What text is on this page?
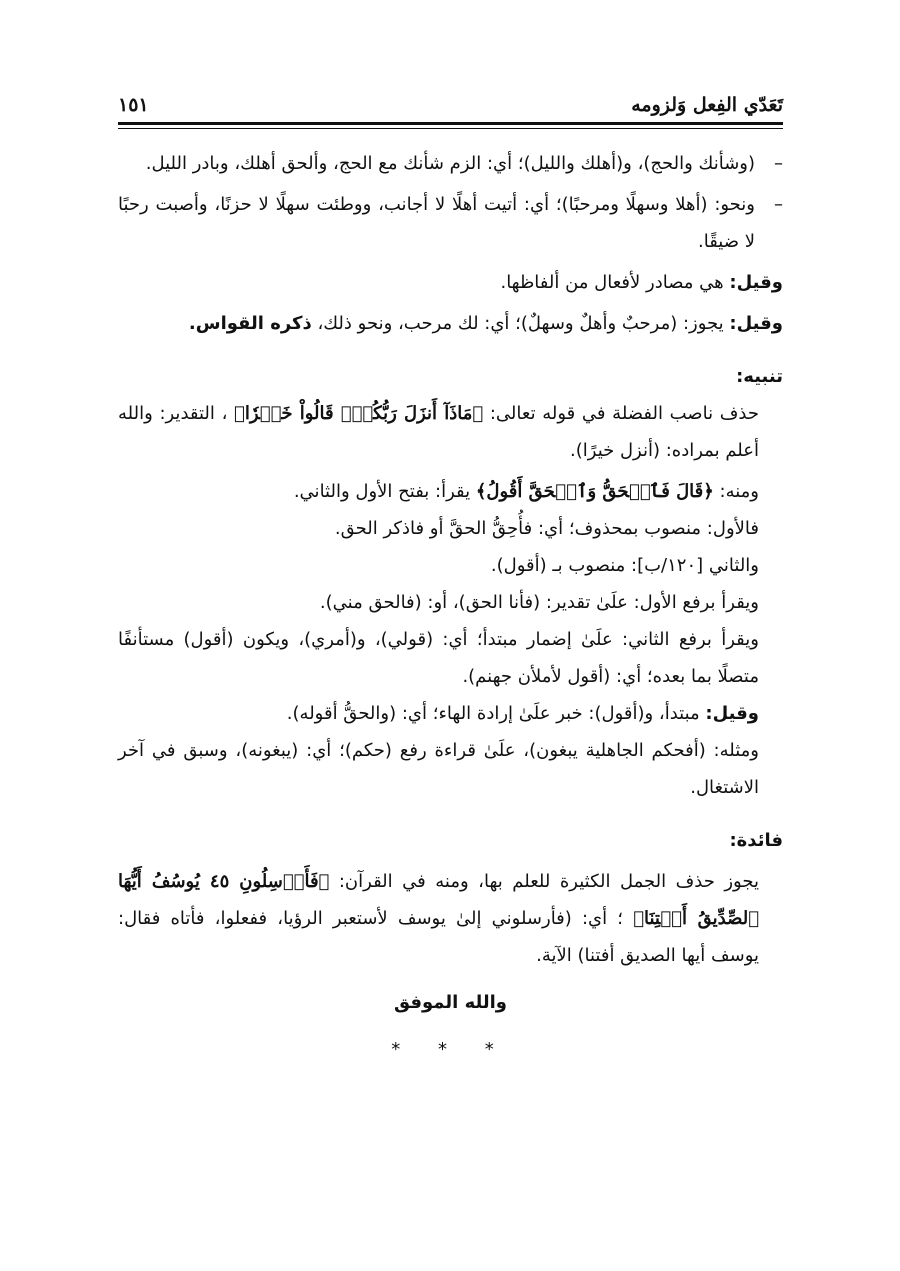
تَعَدّي الفِعل وَلزومه
١٥١
–
(وشأنك والحج)، و(أهلك والليل)؛ أي: الزم شأنك مع الحج، وألحق أهلك، وبادر الليل.
–
ونحو: (أهلا وسهلًا ومرحبًا)؛ أي: أتيت أهلًا لا أجانب، ووطئت سهلًا لا حزنًا، وأصبت رحبًا لا ضيقًا.

وقيل: هي مصادر لأفعال من ألفاظها.

وقيل: يجوز: (مرحبٌ وأهلٌ وسهلٌ)؛ أي: لك مرحب، ونحو ذلك، ذكره القواس.

تنبيه:

حذف ناصب الفضلة في قوله تعالى: ﴿مَاذَآ أَنزَلَ رَبُّكُمۡۚ قَالُواْ خَيۡرٗا﴾ ، التقدير: والله أعلم بمراده: (أنزل خيرًا).

ومنه: ﴿قَالَ فَٱلۡحَقُّ وَٱلۡحَقَّ أَقُولُ﴾ يقرأ: بفتح الأول والثاني.

فالأول: منصوب بمحذوف؛ أي: فأُحِقُّ الحقَّ أو فاذكر الحق.

والثاني [١٢٠/ب]: منصوب بـ (أقول).

ويقرأ برفع الأول: علَىٰ تقدير: (فأنا الحق)، أو: (فالحق مني).

ويقرأ برفع الثاني: علَىٰ إضمار مبتدأ؛ أي: (قولي)، و(أمري)، ويكون (أقول) مستأنفًا متصلًا بما بعده؛ أي: (أقول لأملأن جهنم).

وقيل: مبتدأ، و(أقول): خبر علَىٰ إرادة الهاء؛ أي: (والحقُّ أقوله).

ومثله: (أفحكم الجاهلية يبغون)، علَىٰ قراءة رفع (حكم)؛ أي: (يبغونه)، وسبق في آخر الاشتغال.

فائدة:

يجوز حذف الجمل الكثيرة للعلم بها، ومنه في القرآن: ﴿فَأَرۡسِلُونِ ٤٥ يُوسُفُ أَيُّهَا ٱلصِّدِّيقُ أَفۡتِنَا﴾ ؛ أي: (فأرسلوني إلىٰ يوسف لأستعبر الرؤيا، ففعلوا، فأتاه فقال: يوسف أيها الصديق أفتنا) الآية.

والله الموفق

* * *
